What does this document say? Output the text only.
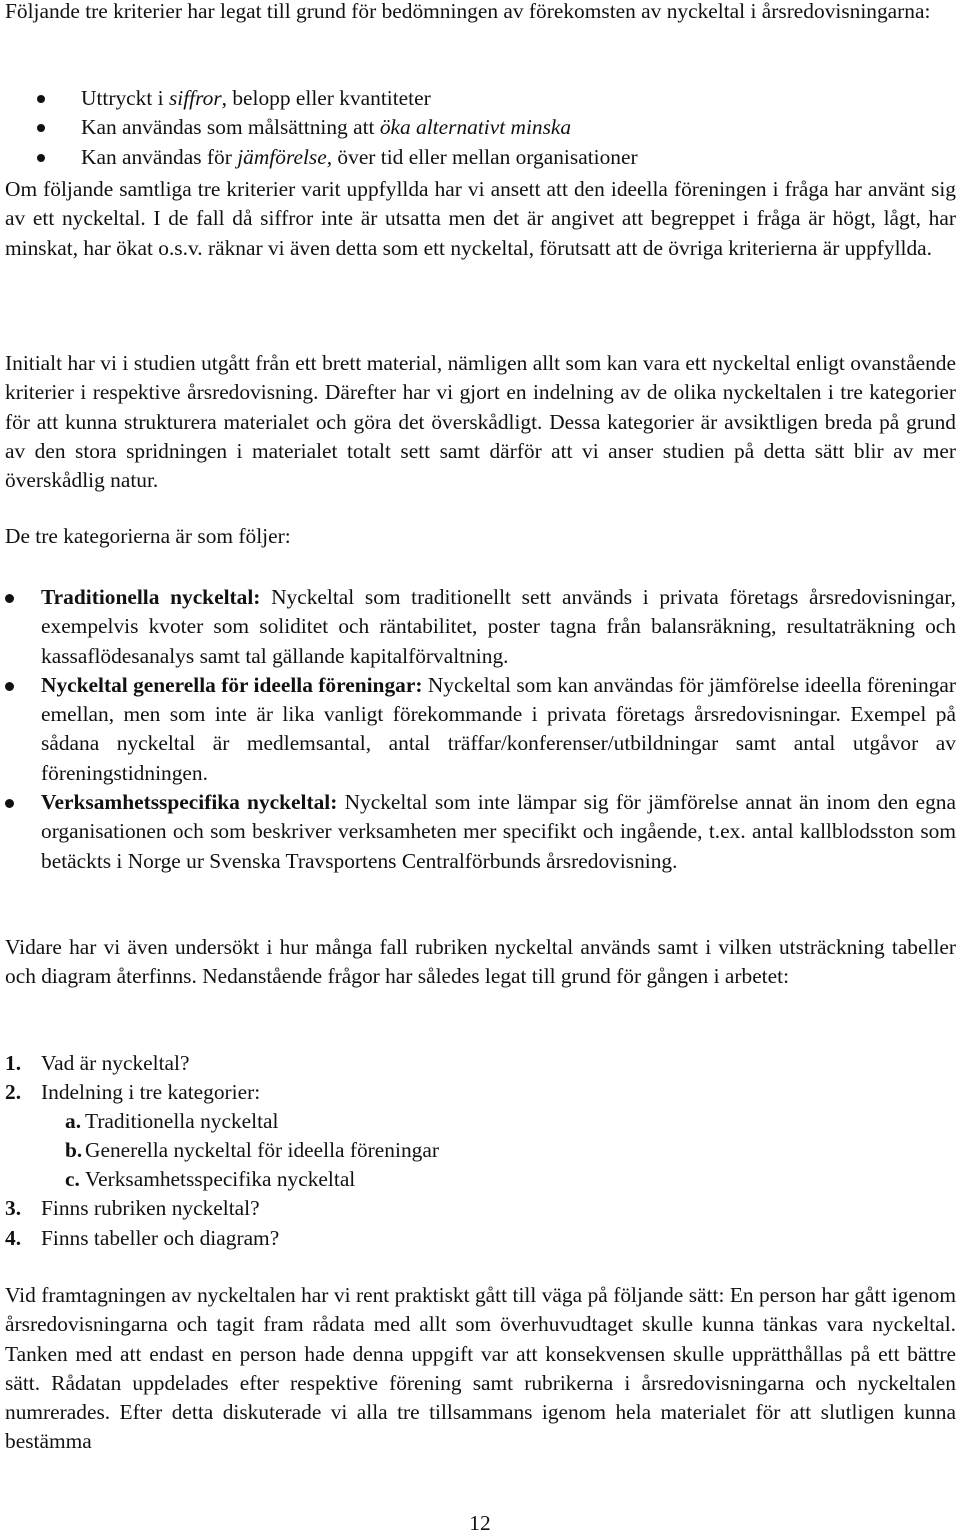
Följande tre kriterier har legat till grund för bedömningen av förekomsten av nyckeltal i årsredovisningarna:

Uttryckt i siffror, belopp eller kvantiteter
Kan användas som målsättning att öka alternativt minska
Kan användas för jämförelse, över tid eller mellan organisationer

Om följande samtliga tre kriterier varit uppfyllda har vi ansett att den ideella föreningen i fråga har använt sig av ett nyckeltal. I de fall då siffror inte är utsatta men det är angivet att begreppet i fråga är högt, lågt, har minskat, har ökat o.s.v. räknar vi även detta som ett nyckeltal, förutsatt att de övriga kriterierna är uppfyllda.

Initialt har vi i studien utgått från ett brett material, nämligen allt som kan vara ett nyckeltal enligt ovanstående kriterier i respektive årsredovisning. Därefter har vi gjort en indelning av de olika nyckeltalen i tre kategorier för att kunna strukturera materialet och göra det överskådligt. Dessa kategorier är avsiktligen breda på grund av den stora spridningen i materialet totalt sett samt därför att vi anser studien på detta sätt blir av mer överskådlig natur.

De tre kategorierna är som följer:

Traditionella nyckeltal: Nyckeltal som traditionellt sett används i privata företags årsredovisningar, exempelvis kvoter som soliditet och räntabilitet, poster tagna från balansräkning, resultaträkning och kassaflödesanalys samt tal gällande kapitalförvaltning.
Nyckeltal generella för ideella föreningar: Nyckeltal som kan användas för jämförelse ideella föreningar emellan, men som inte är lika vanligt förekommande i privata företags årsredovisningar. Exempel på sådana nyckeltal är medlemsantal, antal träffar/konferenser/utbildningar samt antal utgåvor av föreningstidningen.
Verksamhetsspecifika nyckeltal: Nyckeltal som inte lämpar sig för jämförelse annat än inom den egna organisationen och som beskriver verksamheten mer specifikt och ingående, t.ex. antal kallblodsston som betäckts i Norge ur Svenska Travsportens Centralförbunds årsredovisning.

Vidare har vi även undersökt i hur många fall rubriken nyckeltal används samt i vilken utsträckning tabeller och diagram återfinns. Nedanstående frågor har således legat till grund för gången i arbetet:

1. Vad är nyckeltal?
2. Indelning i tre kategorier:
a. Traditionella nyckeltal
b. Generella nyckeltal för ideella föreningar
c. Verksamhetsspecifika nyckeltal
3. Finns rubriken nyckeltal?
4. Finns tabeller och diagram?

Vid framtagningen av nyckeltalen har vi rent praktiskt gått till väga på följande sätt: En person har gått igenom årsredovisningarna och tagit fram rådata med allt som överhuvudtaget skulle kunna tänkas vara nyckeltal. Tanken med att endast en person hade denna uppgift var att konsekvensen skulle upprätthållas på ett bättre sätt. Rådatan uppdelades efter respektive förening samt rubrikerna i årsredovisningarna och nyckeltalen numrerades. Efter detta diskuterade vi alla tre tillsammans igenom hela materialet för att slutligen kunna bestämma

12
